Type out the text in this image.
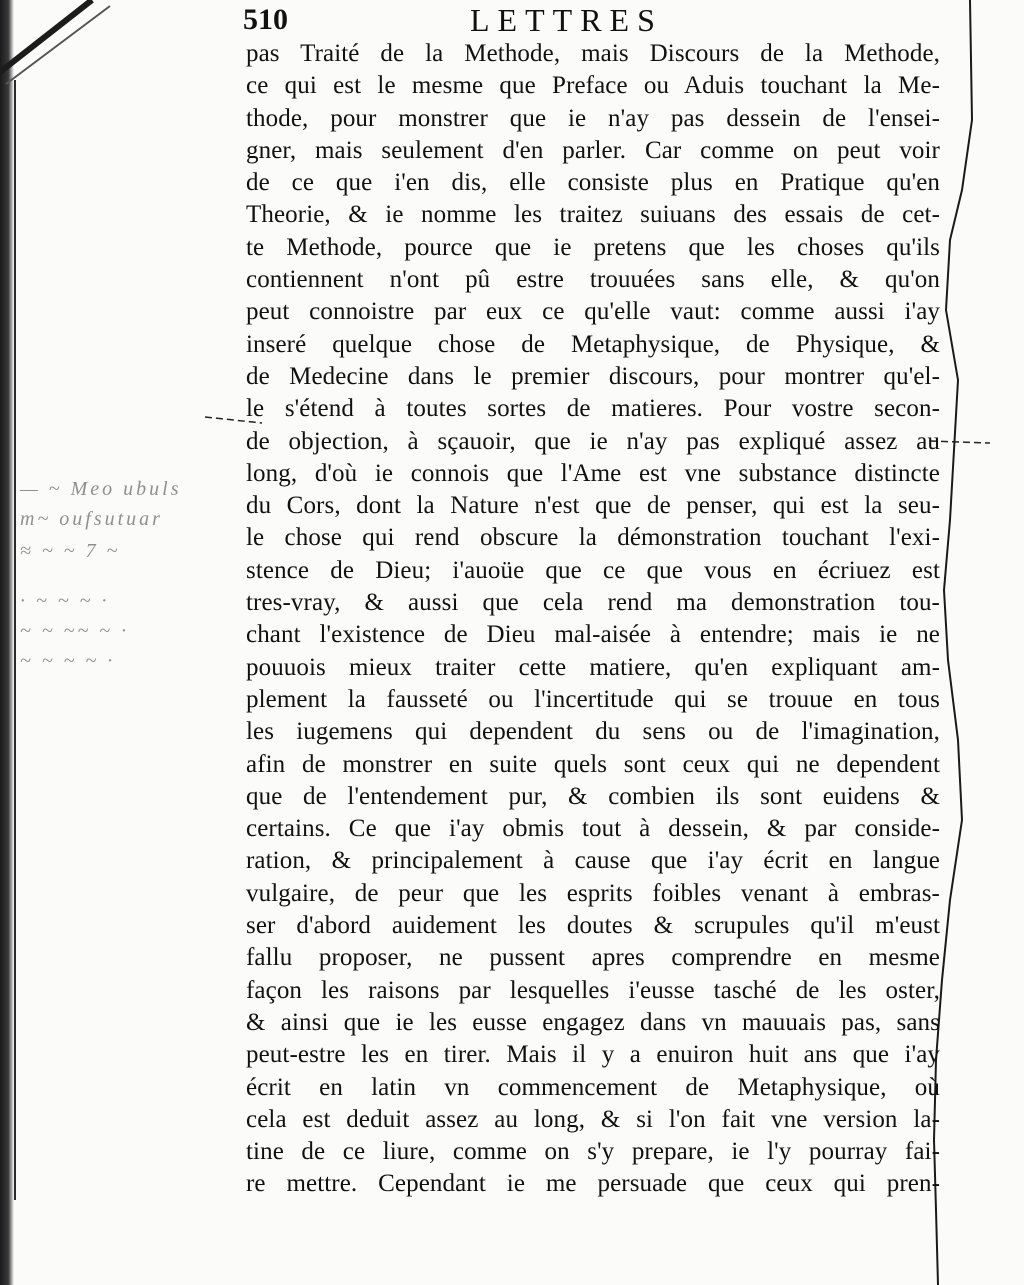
— ~ Meo ubuls
m~ oufsutuar
≈ ~ ~ 7 ~
· ~ ~ ~ ·
~ ~ ~~ ~ ·
~ ~ ~ ~ ·
510	LETTRES
pas Traité de la Methode, mais Discours de la Methode,
ce qui est le mesme que Preface ou Aduis touchant la Me-
thode, pour monstrer que ie n'ay pas dessein de l'ensei-
gner, mais seulement d'en parler. Car comme on peut voir
de ce que i'en dis, elle consiste plus en Pratique qu'en
Theorie, & ie nomme les traitez suiuans des essais de cet-
te Methode, pource que ie pretens que les choses qu'ils
contiennent n'ont pû estre trouuées sans elle, & qu'on
peut connoistre par eux ce qu'elle vaut: comme aussi i'ay
inseré quelque chose de Metaphysique, de Physique, &
de Medecine dans le premier discours, pour montrer qu'el-
le s'étend à toutes sortes de matieres. Pour vostre secon-
de objection, à sçauoir, que ie n'ay pas expliqué assez au
long, d'où ie connois que l'Ame est vne substance distincte
du Cors, dont la Nature n'est que de penser, qui est la seu-
le chose qui rend obscure la démonstration touchant l'exi-
stence de Dieu; i'auoüe que ce que vous en écriuez est
tres-vray, & aussi que cela rend ma demonstration tou-
chant l'existence de Dieu mal-aisée à entendre; mais ie ne
pouuois mieux traiter cette matiere, qu'en expliquant am-
plement la fausseté ou l'incertitude qui se trouue en tous
les iugemens qui dependent du sens ou de l'imagination,
afin de monstrer en suite quels sont ceux qui ne dependent
que de l'entendement pur, & combien ils sont euidens &
certains. Ce que i'ay obmis tout à dessein, & par conside-
ration, & principalement à cause que i'ay écrit en langue
vulgaire, de peur que les esprits foibles venant à embras-
ser d'abord auidement les doutes & scrupules qu'il m'eust
fallu proposer, ne pussent apres comprendre en mesme
façon les raisons par lesquelles i'eusse tasché de les oster,
& ainsi que ie les eusse engagez dans vn mauuais pas, sans
peut-estre les en tirer. Mais il y a enuiron huit ans que i'ay
écrit en latin vn commencement de Metaphysique, où
cela est deduit assez au long, & si l'on fait vne version la-
tine de ce liure, comme on s'y prepare, ie l'y pourray fai-
re mettre. Cependant ie me persuade que ceux qui pren-
